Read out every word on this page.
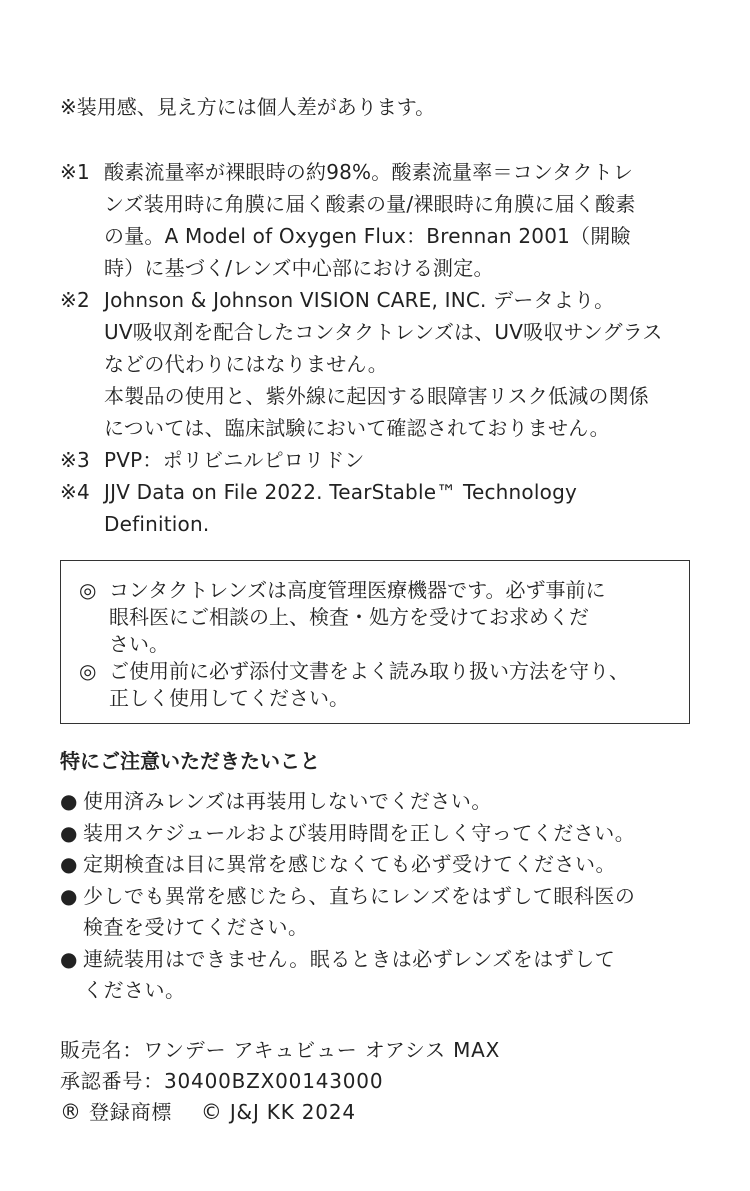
※装用感、見え方には個人差があります。
※1 酸素流量率が裸眼時の約98%。酸素流量率＝コンタクトレ
ンズ装用時に角膜に届く酸素の量/裸眼時に角膜に届く酸素
の量。A Model of Oxygen Flux：Brennan 2001（開瞼
時）に基づく/レンズ中心部における測定。
※2 Johnson & Johnson VISION CARE, INC. データより。
UV吸収剤を配合したコンタクトレンズは、UV吸収サングラス
などの代わりにはなりません。
本製品の使用と、紫外線に起因する眼障害リスク低減の関係
については、臨床試験において確認されておりません。
※3 PVP：ポリビニルピロリドン
※4 JJV Data on File 2022. TearStable™ Technology
Definition.
◎ コンタクトレンズは高度管理医療機器です。必ず事前に
眼科医にご相談の上、検査・処方を受けてお求めくだ
さい。
◎ ご使用前に必ず添付文書をよく読み取り扱い方法を守り、
正しく使用してください。
特にご注意いただきたいこと
● 使用済みレンズは再装用しないでください。
● 装用スケジュールおよび装用時間を正しく守ってください。
● 定期検査は目に異常を感じなくても必ず受けてください。
● 少しでも異常を感じたら、直ちにレンズをはずして眼科医の
検査を受けてください。
● 連続装用はできません。眠るときは必ずレンズをはずして
ください。
販売名：ワンデー アキュビュー オアシス MAX
承認番号：30400BZX00143000
® 登録商標 © J&J KK 2024
